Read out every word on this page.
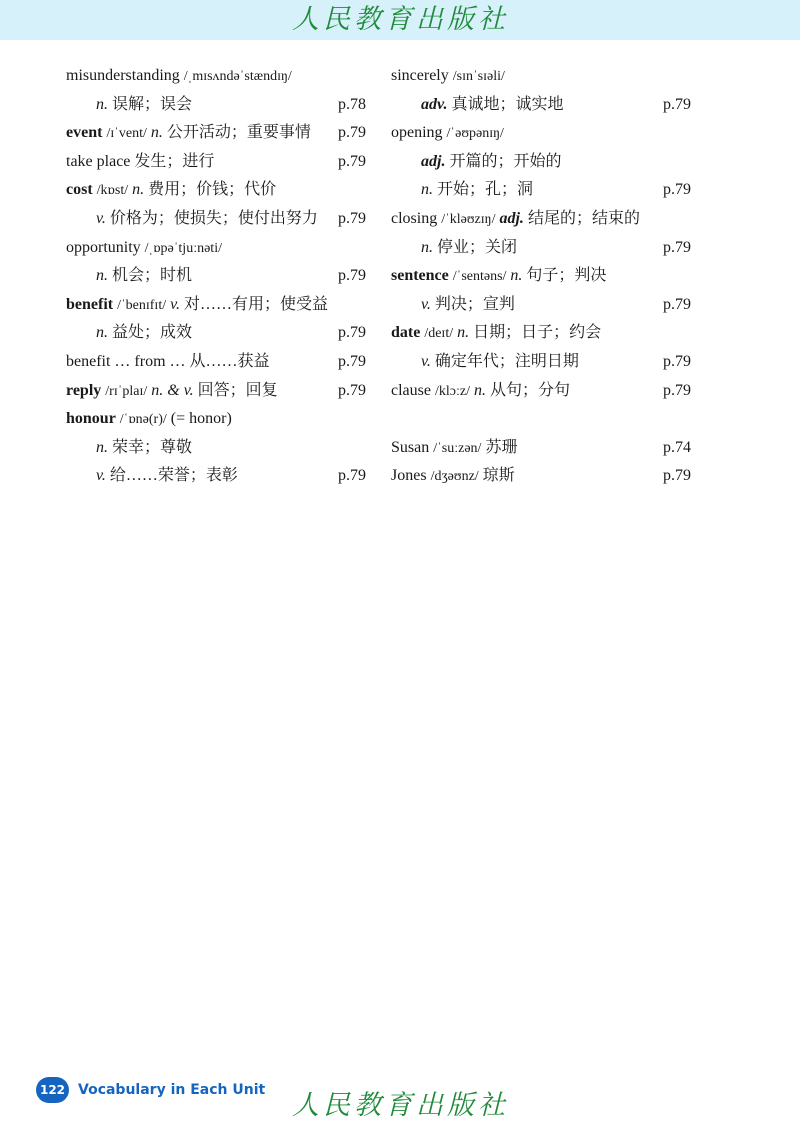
人民教育出版社
misunderstanding /ˌmɪsʌndəˈstændɪŋ/
n. 误解；误会	p.78
event /ɪˈvent/ n. 公开活动；重要事情 p.79
take place 发生；进行	p.79
cost /kɒst/ n. 费用；价钱；代价
v. 价格为；使损失；使付出努力 p.79
opportunity /ˌɒpəˈtjuːnəti/
n. 机会；时机	p.79
benefit /ˈbenɪfɪt/ v. 对……有用；使受益
n. 益处；成效	p.79
benefit … from … 从……获益	p.79
reply /rɪˈplaɪ/ n. & v. 回答；回复	p.79
honour /ˈɒnə(r)/ (= honor)
n. 荣幸；尊敬
v. 给……荣誉；表彰	p.79
sincerely /sɪnˈsɪəli/
adv. 真诚地；诚实地	p.79
opening /ˈəʊpənɪŋ/
adj. 开篇的；开始的
n. 开始；孔；洞	p.79
closing /ˈkləʊzɪŋ/ adj. 结尾的；结束的
n. 停业；关闭	p.79
sentence /ˈsentəns/ n. 句子；判决
v. 判决；宣判	p.79
date /deɪt/ n. 日期；日子；约会
v. 确定年代；注明日期	p.79
clause /klɔːz/ n. 从句；分句	p.79
Susan /ˈsuːzən/ 苏珊	p.74
Jones /dʒəʊnz/ 琼斯	p.79
122 Vocabulary in Each Unit 人民教育出版社
